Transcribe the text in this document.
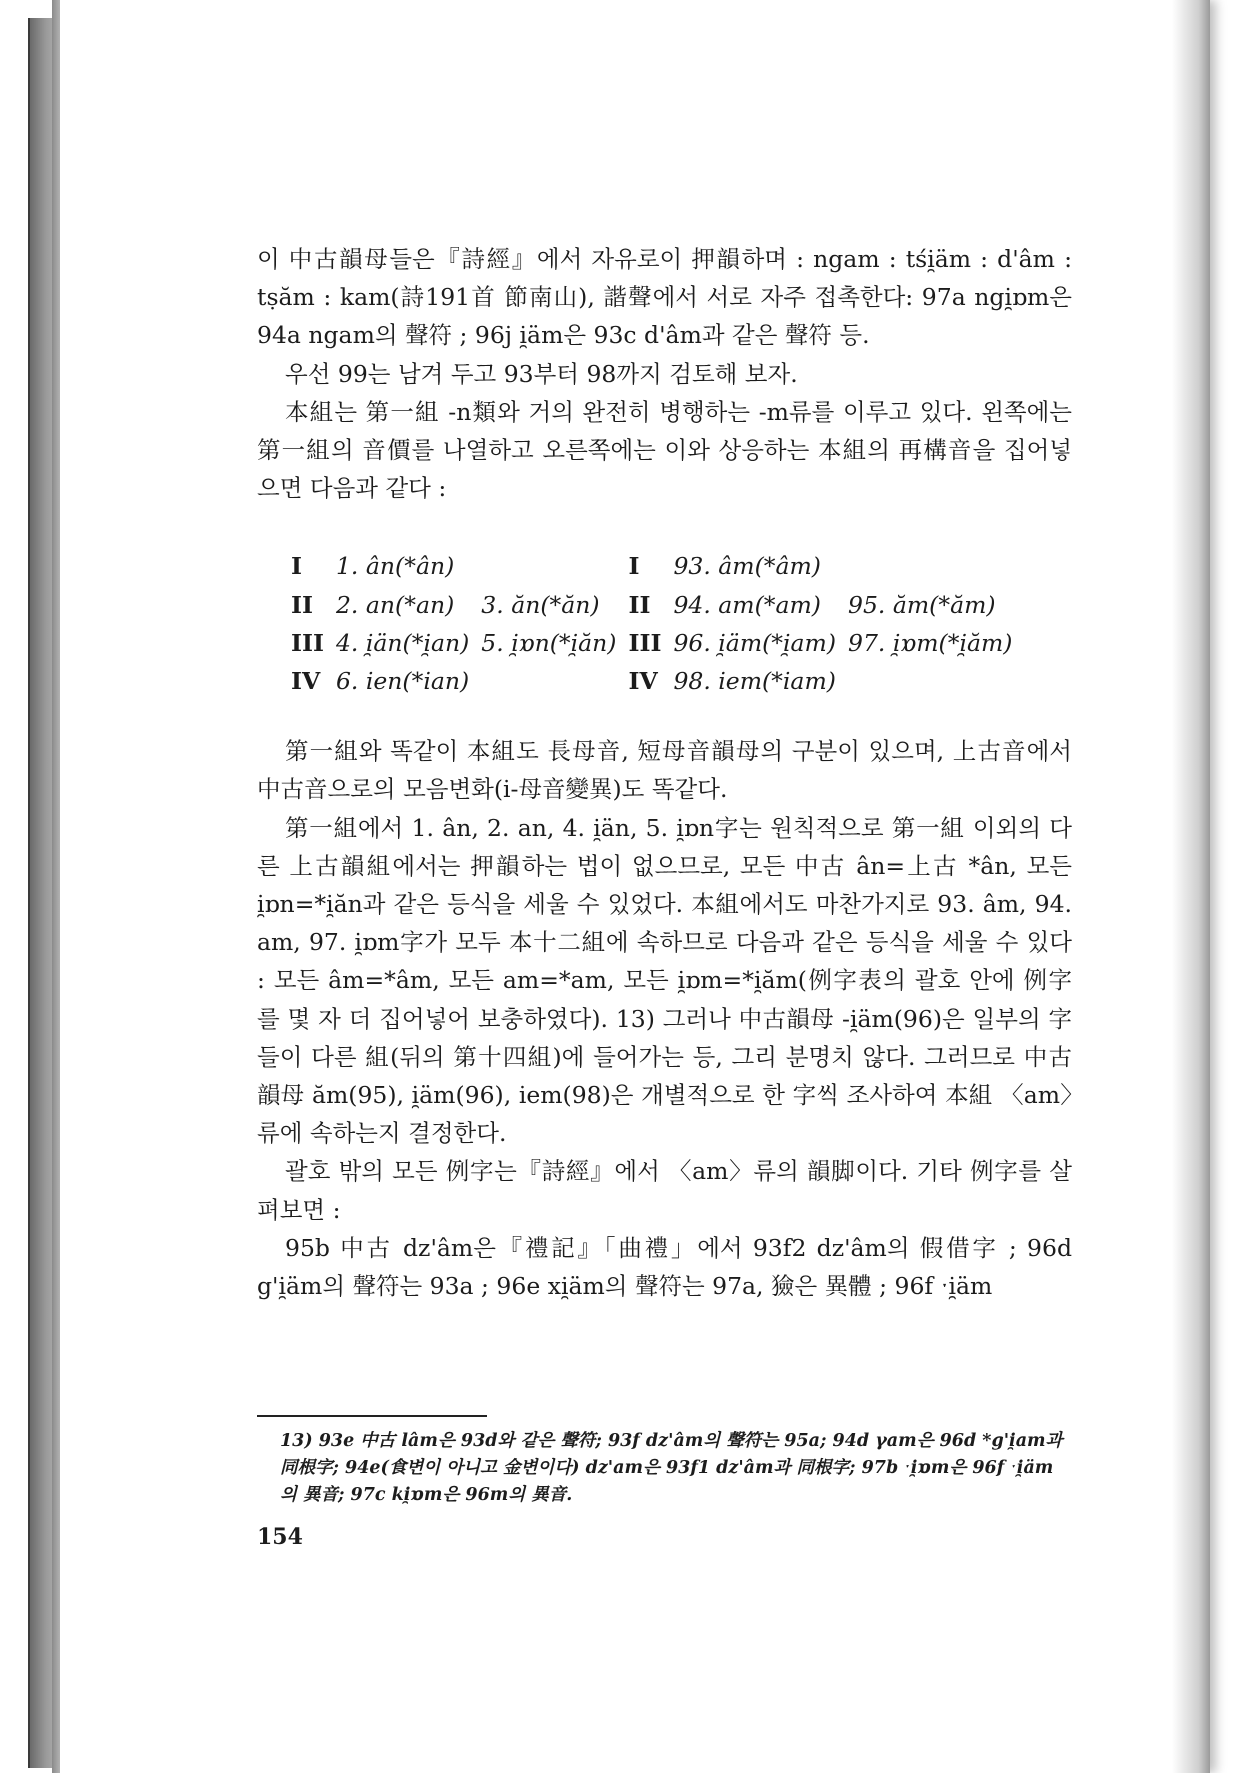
이 中古韻母들은『詩經』에서 자유로이 押韻하며 : ngam : tśi̯äm : d'âm : tṣăm : kam(詩191首 節南山), 諧聲에서 서로 자주 접촉한다: 97a ngi̯ɒm은 94a ngam의 聲符 ; 96j i̯äm은 93c d'âm과 같은 聲符 등.

우선 99는 남겨 두고 93부터 98까지 검토해 보자.

本組는 第一組 -n類와 거의 완전히 병행하는 -m류를 이루고 있다. 왼쪽에는 第一組의 音價를 나열하고 오른쪽에는 이와 상응하는 本組의 再構音을 집어넣으면 다음과 같다 :

I	1. ân(*ân)		I	93. âm(*âm)	
II	2. an(*an)	3. ăn(*ăn)	II	94. am(*am)	95. ăm(*ăm)
III	4. i̯än(*i̯an)	5. i̯ɒn(*i̯ăn)	III	96. i̯äm(*i̯am)	97. i̯ɒm(*i̯ăm)
IV	6. ien(*ian)		IV	98. iem(*iam)	

第一組와 똑같이 本組도 長母音, 短母音韻母의 구분이 있으며, 上古音에서 中古音으로의 모음변화(i-母音變異)도 똑같다.

第一組에서 1. ân, 2. an, 4. i̯än, 5. i̯ɒn字는 원칙적으로 第一組 이외의 다른 上古韻組에서는 押韻하는 법이 없으므로, 모든 中古 ân=上古 *ân, 모든 i̯ɒn=*i̯ăn과 같은 등식을 세울 수 있었다. 本組에서도 마찬가지로 93. âm, 94. am, 97. i̯ɒm字가 모두 本十二組에 속하므로 다음과 같은 등식을 세울 수 있다 : 모든 âm=*âm, 모든 am=*am, 모든 i̯ɒm=*i̯ăm(例字表의 괄호 안에 例字를 몇 자 더 집어넣어 보충하였다). 13) 그러나 中古韻母 -i̯äm(96)은 일부의 字들이 다른 組(뒤의 第十四組)에 들어가는 등, 그리 분명치 않다. 그러므로 中古韻母 ăm(95), i̯äm(96), iem(98)은 개별적으로 한 字씩 조사하여 本組 〈am〉류에 속하는지 결정한다.

괄호 밖의 모든 例字는『詩經』에서 〈am〉류의 韻脚이다. 기타 例字를 살펴보면 :

95b 中古 dz'âm은『禮記』「曲禮」에서 93f2 dz'âm의 假借字 ; 96d g'i̯äm의 聲符는 93a ; 96e xi̯äm의 聲符는 97a, 獫은 異體 ; 96f ˑi̯äm

13) 93e 中古 lâm은 93d와 같은 聲符; 93f dz'âm의 聲符는 95a; 94d γam은 96d *g'i̯am과 同根字; 94e(食변이 아니고 金변이다) dz'am은 93f1 dz'âm과 同根字; 97b ˑi̯ɒm은 96f ˑi̯äm의 異音; 97c ki̯ɒm은 96m의 異音.
154
